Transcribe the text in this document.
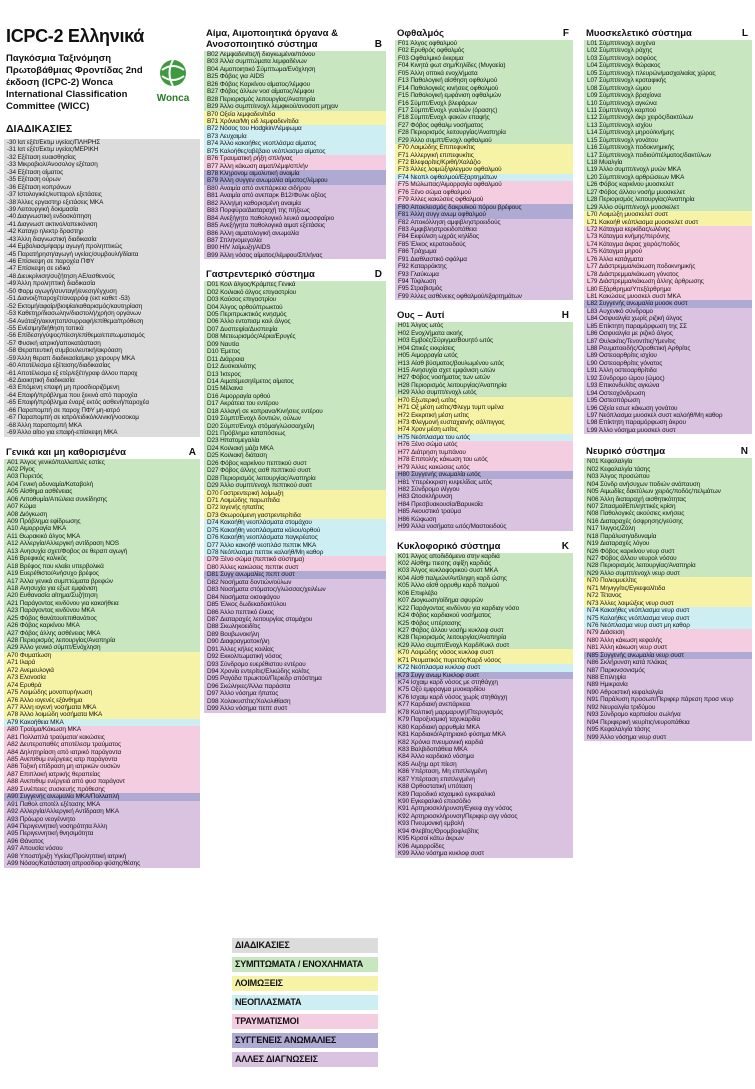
ICPC-2 Ελληνικά
Παγκόσμια Ταξινόμηση Πρωτοβάθμιας Φροντίδας 2nd έκδοση (ICPC-2) Wonca International Classification Committee (WICC)
Wonca
ΔΙΑΔΙΚΑΣΙΕΣ
-30 Ιατ εξέτ/Εκτιμ υγείας/ΠΛΗΡΗΣ
-31 Ιατ εξέτ/Εκτιμ υγείας/ΜΕΡΙΚΗ
-32 Εξέταση ευαισθησίας
-33 Μικροβιολ/Ανοσολογ εξέταση
-34 Εξέταση αίματος
-35 Εξέταση ούρων
-36 Εξέταση κοπράνων
-37 Ιστολογικές/κυτταρολ εξετάσεις
-38 Άλλες εργαστηρ εξετάσεις ΜΚΑ
-39 Λειτουργική δοκιμασία
-40 Διαγνωστική ενδοσκόπηση
-41 Διαγνωστ ακτινολ/απεικόνιση
-42 Καταγρ ηλεκτρ δραστηρ
-43 Άλλη διαγνωστική διαδικασία
-44 Εμβολιασμ/φαρμ αγωγή προληπτικώς
-45 Παρατήρηση/αγωγή υγείας/συμβουλή/δίαιτα
-46 Επίσκεψη σε παροχέα ΠΦΥ
-47 Επίσκεψη σε ειδικό
-48 Διευκρίνιση/συζήτηση ΑΕ/ασθενούς
-49 Άλλη προληπτική διαδικασία
-50 Φαρμ αγωγή/συνταγή/ενεση/έγχυση
-51 Διανοιξ/παροχέτ/αναρρόφ (εκτ καθετ -53)
-52 Εκτομή/αφαίρ/βιοψία/καθαρισμός/καυτηρίαση
-53 Καθετηρ/διασωλην/διαστολή/χρήση οργάνων
-54 Ανάταξη/ακινητοπ/συρραφή/επίθεμα/πρόθεση
-55 Ενέσιμη/διήθηση τοπικά
-56 Επίδεση/γύψος/πίεση/επίθεμα/επιπωματισμός
-57 Φυσική ιατρική/αποκατάσταση
-58 Θεραπευτική συμβουλευτική/ακρόαση
-59 Άλλη θεραπ διαδικασία/μικρ χειρουργ ΜΚΑ
-60 Αποτέλεσμα εξέτασης/διαδικασίας
-61 Αποτέλεσμα εξ ετέρ/εξέτ/γραφ άλλου παροχ
-62 Διοικητική διαδικασία
-63 Επόμενη επαφή μη προσδιοριζόμενη
-64 Επαφή/πρόβλημα που ξεκινά από παροχέα
-65 Επαφή/πρόβλημα έναρξ εκτός ασθενή/παροχέα
-66 Παραπομπή σε παροχ ΠΦΥ μη-ιατρό
-67 Παραπομπή σε ιατρό/ειδικό/κλινική/νοσοκομ
-68 Άλλη παραπομπή ΜΚΑ
-69 Άλλο αίτιο για επαφή-επίσκεψη ΜΚΑ
Γενικά και μη καθορισμένα	A
A01 Άλγος γενικό/πολλαπλές εστίες
A02 Ρίγος
A03 Πυρετός
A04 Γενική αδυναμία/Καταβολή
A05 Αίσθημα ασθένειας
A06 Λιποθυμία/Απώλεια συνείδησης
A07 Κώμα
A08 Διόγκωση
A09 Πρόβλημα εφίδρωσης
A10 Αιμορραγία ΜΚΑ
A11 Θωρακικό άλγος ΜΚΑ
A12 Αλλεργία/Αλλεργική αντίδραση NOS
A13 Ανησυχία σχετ/Φοβος σε θεραπ αγωγή
A16 Βρεφικός κολικός
A18 Βρέφος που κλαίει υπερβολικά
A19 Ευερέθιστο/Ανήσυχο βρέφος
A17 Άλλα γενικά συμπτώματα βρεφών
A18 Ανησυχία για εξωτ εμφάνιση
A20 Ευθανασία αίτημα/Συζήτηση
A21 Παράγοντας κινδύνου για κακοήθεια
A23 Παράγοντας κινδύνου ΜΚΑ
A25 Φόβος θανάτου/επιθανάτιος
A26 Φόβος καρκίνου ΜΚΑ
A27 Φόβος άλλης ασθένειας ΜΚΑ
A28 Περιορισμός λειτουργίας/Αναπηρία
A29 Άλλο γενικό σύμπτ/Ενόχληση
A70 Φυματίωση
A71 Ιλαρά
A72 Ανεμευλογιά
A73 Ελονοσία
A74 Ερυθρά
A75 Λοιμώδης μονοπυρήνωση
A76 Άλλο ιογενές εξάνθημα
A77 Άλλη ιογενή νοσήματα ΜΚΑ
A78 Άλλο λοιμώδη νοσήματα ΜΚΑ
A79 Κακοήθεια ΜΚΑ
A80 Τραύμα/Κάκωση ΜΚΑ
A81 Πολλαπλά τραύματα/ κακώσεις
A82 Δευτεροπαθές αποτέλεσμ τραύματος
A84 Δηλητηρίαση από ιατρικό παράγοντα
A85 Ανεπιθυμ ενέργειες ιατρ παράγοντα
A86 Τοξική επίδραση μη ιατρικών ουσιών
A87 Επιπλοκή ιατρικής θεραπείας
A88 Ανεπιθυμ ενέργειά από φυσ παράγοντ
A89 Συνέπειες συσκευής πρόθεσης
A90 Συγγενής ανωμαλία ΜΚΑ/Πολλαπλή
A91 Παθολ αποτέλ εξέτασης ΜΚΑ
A92 Αλλεργία/Αλλεργική Αντίδραση ΜΚΑ
A93 Πρόωρο νεογέννητο
A94 Περιγεννητική νοσηρότητα Άλλη
A95 Περιγεννητική θνησιμότητα
A96 Θάνατος
A97 Απουσία νόσου
A98 Υποστήριξη Υγείας/Προληπτική ιατρική
A99 Νόσος/Κατάσταση απροσδιορ φύσης/θέσης
Αίμα, Αιμοποιητικά όργανα & Ανοσοποιητικό σύστημα	B
B02 Λεμφαδενίτις/ή διογκωμένοι/πόνου
B03 Άλλα συμπτώματα λεμφαδένων
B04 Αιμοποιητικό Σύμπτωμα/Ενόχληση
B25 Φόβος για AIDS
B26 Φόβος Καρκίνου αίματος/λέμφου
B27 Φόβος άλλων νοσ αίματος/λέμφου
B28 Περιορισμός λειτουργίας/Αναπηρία
B29 Άλλο συμπτ/ενοχλ λεμφικού/ανοσοπ μηχαν
B70 Οξεία λεμφαδενίτιδα
B71 Χρόνια/Μη ειδ λεμφαδενίτιδα
B72 Νόσος του Hodgkin/Λέμφωμα
B73 Λευχαιμία
B74 Άλλο κακοήθες νεοπλάσμα αίματος
B75 Καλοήθες/αβέβαιο νεόπλασμα αίματος
B76 Τραυματική ρήξη σπλήνας
B77 Άλλη κάκωση αιματ/λέμφ/σπλήν
B78 Κληρονομ αιμολυτική αναιμία
B79 Άλλη συγγεν ανωμαλία αίματος/λέμφου
B80 Αναιμία από ανεπάρκεια σιδήρου
B81 Αναιμία από ανεπαρκ Β12/Φυλικ οξέος
B82 Άλλη/μη καθορισμένη αναιμία
B83 Πορφύρα/Διαταραχή της πήξεως
B84 Ανεξήγητο παθολογικό λευκό αιμοσφαίριο
B85 Ανεξήγητα παθολογικά αιματ εξετάσεις
B86 Άλλη αιματολογική ανωμαλία
B87 Σπληνομεγαλία
B90 HIV λοίμωξη/AIDS
B99 Άλλη νόσος αίματος/λέμφου/Σπλήνας
Γαστρεντερικό σύστημα	D
D01 Κοιλ άλγος/Κράμπες Γενικά
D02 Κοιλιακό άλγος επιγαστρίου
D03 Καύσος επιγαστρίου
D04 Άλγος ορθού/πρωκτού
D05 Περιπρωκτικός κνησμός
D06 Άλλο εντοπισμ κοιλ άλγος
D07 Δυσπεψία/Δυσπεψία
D08 Μετεωρισμός/Αέρια/Ερυγές
D09 Ναυτία
D10 Έμετος
D11 Διάρροια
D12 Δυσκοιλιότης
D13 Ίκτερος
D14 Αιματέμεση/έμετος αίματος
D15 Μέλαινα
D16 Αιμορραγία ορθού
D17 Ακράτεια του εντέρου
D18 Αλλαγή σε κοπρανα/Κινήσεις εντέρου
D19 Σύμπτ/Ενοχλ δοντιών, ούλων
D20 Σύμπτ/Ενοχλ στόμα/γλώσσα/χείλη
D21 Πρόβλημα καταπόσεως
D23 Ηπατομεγαλία
D24 Κοιλιακή μάζα ΜΚΑ
D25 Κοιλιακή διάταση
D26 Φόβος καρκίνου πεπτικού συστ
D27 Φόβος άλλης ασθ πεπτικού συστ
D28 Περιορισμός λειτουργίας/Αναπηρία
D29 Άλλο συμπτ/ενοχλ πεπτικού συστ
D70 Γαστρεντερική λοίμωξη
D71 Λοιμώδης παρωτίτιδα
D72 Ιογενής ηπατίτις
D73 Θεωρούμενη γαστρεντερίτιδα
D74 Κακοήθη νεοπλάσματα στομάχου
D75 Κακοήθη νεοπλάσματα κόλου/ορθού
D76 Κακοήθη νεοπλάσματα παγκρέατος
D77 Άλλο κακοήθ νεοπλάσ πεπτικ ΜΚΑ
D78 Νεόπλασμα πεπτικ καλοήθ/Μη καθορ
D79 Ξένο σώμα (πεπτικό σύστημα)
D80 Άλλες κακώσεις πεπτικ συστ
D81 Συγγ ανωμαλίες πεπτ συστ
D82 Νοσήματα δοντιών/ούλων
D83 Νοσήματα στόματος/γλώσσας/χειλέων
D84 Νοσήματα οισοφάγου
D85 Έλκος δωδεκαδακτύλου
D86 Άλλο πεπτικό έλκος
D87 Διαταραχές λειτουργίας στομάχου
D88 Σκωληκοειδίτις
D89 Βουβωνοκήλη
D90 Διαφραγματοκήλη
D91 Άλλες κήλες κοιλίας
D92 Εκκολπωματική νόσος
D93 Σύνδρομο ευερέθιστου εντέρου
D94 Χρονία εντερίτις/Ελκώδης κολίτις
D95 Ραγάδα πρωκτού/Περιεδρ απόστημα
D96 Σκώληκες/Άλλα παράσιτα
D97 Άλλο νόσημα ήπατος
D98 Χολοκυστίτις/Χολολιθίαση
D99 Άλλο νόσημα πεπτ συστ
Οφθαλμός	F
F01 Άλγος οφθαλμού
F02 Ερυθρός οφθαλμός
F03 Οφθαλμικό έκκριμα
F04 Κινητά φωτ σημ/Κηλίδες (Μυγαεία)
F05 Άλλη οπτικά ενοχλήματα
F13 Παθολογική αίσθηση οφθαλμού
F14 Παθολογικές κινήσεις οφθαλμού
F15 Παθολογική εμφάνιση οφθαλμών
F16 Σύμπτ/Ενοχλ βλεφάρων
F17 Σύμπτ/Ενοχλ γυαλιών (όρασης)
F18 Σύμπτ/Ενοχλ φακών επαφής
F27 Φόβος οφθαλμ νοσήματος
F28 Περιορισμός λειτουργίας/Αναπηρία
F29 Άλλο συμπτ/Ενοχλ οφθαλμού
F70 Λοιμώδης Επιπεφυκίτις
F71 Αλλεργική επιπεφυκίτις
F72 Βλεφαρίτις/Κριθή/Χαλάζιο
F73 Άλλες λοιμώξ/φλεγμον οφθαλμού
F74 Νεοπλ οφθαλμού/Εξαρτημάτων
F75 Μώλωπας/Αιμορραγία οφθαλμού
F76 Ξένο σώμα οφθαλμού
F79 Άλλες κακώσεις οφθαλμού
F80 Αποκλεισμός δακρυϊκού πόρου βρέφους
F81 Άλλη συγγ ανωμ οφθαλμού
F82 Αποκόλληση αμφιβληστροειδούς
F83 Αμφιβληστροειδοπάθεια
F84 Εκφύλιση ωχράς κηλίδος
F85 Έλκος κερατοειδούς
F86 Τράχωμα
F91 Διαθλαστικό σφάλμα
F92 Καταρράκτης
F93 Γλαύκωμα
F94 Τύφλωση
F95 Στραβισμός
F99 Άλλες ασθένειες οφθαλμού/εξαρτημάτων
Ους – Αυτί	H
H01 Άλγος ωτός
H02 Ενοχλήματα ακοής
H03 Εμβοές/Σύριγμα/Βουητό ωτός
H04 Ωτικές εκκρίσεις
H05 Αιμορραγία ωτός
H13 Αίσθ βύσματος/βουλωμένου ωτός
H15 Ανησυχία σχετ εμφάνιση ωτών
H27 Φόβος νοσήματος των ωτών
H28 Περιορισμός λειτουργίας/Αναπηρία
H29 Άλλο συμπτ/ενοχλ ωτός
H70 Εξωτερική ωτίτις
H71 Οξ μέση ωτίτις/Φλεγμ τυμπ υμένα
H72 Εκκριτική μέση ωτίτις
H73 Φλεγμονή ευσταχιανής σάλπιγγας
H74 Χρον μέση ωτίτις
H75 Νεόπλασμα του ωτός
H76 Ξένο σώμα ωτός
H77 Διάτρηση τυμπάνου
H78 Επιπολής κάκωση του ωτός
H79 Άλλες κακώσεις ωτός
H80 Συγγενής ανωμαλία ωτός
H81 Υπερέκκριση κυψελίδας ωτός
H82 Σύνδρομο ιλίγγου
H83 Ωτοσκλήρυνση
H84 Πρεσβυακουσία/Βαρυκοΐα
H85 Ακουστικό τραύμα
H86 Κώφωση
H99 Άλλα νοσήματα ωτός/Μαστοειδούς
Κυκλοφορικό σύστημα	K
K01 Άλγος αποδιδόμενο στην καρδιά
K02 Αίσθημ πιεσης σφίξη καρδιάς
K03 Άλγος κυκλοφορικού συστ ΜΚΑ
K04 Αίσθ παλμών/Αντίληψη καρδ ώσης
K05 Άλλο αίσθ ορρυθμ καρδ παλμού
K06 Επιφλέβο
K07 Διογκωση/οίδημα σφυρών
K22 Παράγοντας κινδύνου για καρδιαγ νόσο
K24 Φόβος καρδιακού νοσήματος
K25 Φόβος υπέρτασης
K27 Φόβος άλλου νοσήμ κυκλοφ συστ
K28 Περιορισμός λειτουργίας/Αναπηρία
K29 Άλλο συμπτ/Ενοχλ Καρδ/Κυκλ συστ
K70 Λοιμώδης νόσος κυκλοφ συστ
K71 Ρευματικός πυρετός/Καρδ νόσος
K72 Νεόπλασμα κυκλοφ συστ
K73 Συγγ ανωμ Κυκλοφ συστ
K74 Ισχαιμ καρδ νόσος με στηθάγχη
K75 Οξύ εμφραγμα μυοκαρδίου
K76 Ισχαιμ καρδ νόσος χωρίς στηθάγχη
K77 Καρδιακή ανεπάρκεια
K78 Κολπική μαρμαρυγή/Πτερυγισμός
K79 Παροξυσμική ταχυκαρδία
K80 Καρδιακή αρρυθμία ΜΚΑ
K81 Καρδιακό/Αρτηριακό φύσημα ΜΚΑ
K82 Χρόνια πνευμονική καρδιά
K83 Βαλβιδοπάθεια ΜΚΑ
K84 Άλλο καρδιακό νόσημα
K85 Αυξημ αρτ πίεση
K86 Υπέρταση, Μη επιπλεγμένη
K87 Υπέρταση επιπλεγμένη
K88 Ορθοστατική υπόταση
K89 Παροδικό ισχαιμικό εγκεφαλικό
K90 Εγκεφαλικό επεισόδιο
K91 Αρτηριοσκλήρυνση/Εγκεφ αγγ νόσος
K92 Αρτηριοσκλήρυνση/Περιφερ αγγ νόσος
K93 Πνευμονική εμβολή
K94 Φλεβίτις/Θρομβοφλεβίτις
K95 Κιρσοί κάτω άκρων
K96 Αιμορροΐδες
K99 Άλλο νόσημα κυκλοφ συστ
Μυοσκελετικό σύστημα	L
L01 Σύμπτ/ενοχλ αυχένα
L02 Σύμπτ/ενοχλ ράχης
L03 Σύμπτ/ενοχλ οσφύος
L04 Σύμπτ/ενοχλ θώρακος
L05 Σύμπτ/ενοχλ πλευρών/μασχαλιαίας χώρας
L07 Σύμπτ/ενοχλ κροταφικής
L08 Σύμπτ/ενοχλ ώμου
L09 Σύμπτ/ενοχλ βραχίονα
L10 Σύμπτ/ενοχλ αγκώνα
L11 Σύμπτ/ενοχλ καρπού
L12 Σύμπτ/ενοχλ άκρ χειρός/δακτύλων
L13 Σύμπτ/ενοχλ ισχίου
L14 Σύμπτ/ενοχλ μηρού/κνήμης
L15 Σύμπτ/ενοχλ γονάτου
L16 Σύμπτ/ενοχλ ποδοκνημικής
L17 Σύμπτ/ενοχλ ποδιού/πέλματος/δακτύλων
L18 Μυαλγία
L19 Άλλο συμπτ/ενοχλ μυών ΜΚΑ
L20 Σύμπτ/ενοχλ αρθρώσεων ΜΚΑ
L26 Φόβος καρκίνου μυοσκελετ
L27 Φόβος άλλου νοσήμ μυοσκελετ
L28 Περιορισμός λειτουργίας/Αναπηρία
L29 Άλλο σύμπτ/ενοχλ μυοσκελετ
L70 Λοιμώξη μυοσκελετ συστ
L71 Κακοήθ νεόπλασμα μυοσκελετ συστ
L72 Κάταγμα κερκίδας/ωλένης
L73 Κάταγμα κνήμης/περόνης
L74 Κάταγμα άκρας χειρός/ποδός
L75 Κάταγμα μηρού
L76 Άλλα κατάγματα
L77 Διάστρεμμα/κάκωση ποδοκνημικής
L78 Διάστρεμμα/κάκωση γόνατος
L79 Διάστρεμμα/κάκωση άλλης άρθρωσης
L80 Εξάρθρημα/Υπεξάρθρημα
L81 Κακώσεις μυοσκελ συστ ΜΚΑ
L82 Συγγενής ανωμαλία μυοσκ συστ
L83 Αυχενικό σύνδρομο
L84 Οσφυαλγία χωρίς ριζική άλγος
L85 Επίκτητη παραμόρφωση της ΣΣ
L86 Οσφυαλγία με ριζικό άλγος
L87 Θυλακίτις/Τενοντίτις/Υμενίτις
L88 Ρευματοειδής/Οροθετική Αρθρίτις
L89 Οστεοαρθρίτις ισχίου
L90 Οστεοαρθρίτις γόνατος
L91 Άλλη οστεοαρθρίτιδα
L92 Σύνδρομο ώμου (ώμος)
L93 Επικονδυλίτις αγκώνα
L94 Οστεοχόνδρωση
L95 Οστεοπόρωση
L96 Οξεία εσωτ κάκωση γονάτου
L97 Νεόπλασμα μυοσκελ συστ καλοήθ/Μη καθορ
L98 Επίκτητη παραμόρφωση άκρου
L99 Άλλο νόσημα μυοσκελ συστ
Νευρικό σύστημα	N
N01 Κεφαλαλγία
N02 Κεφαλαλγία τάσης
N03 Άλγος προσώπου
N04 Σύνδρ ανήσυχων ποδιών ανάπαυση
N05 Αιμωδίες δακτύλων χειρός/ποδός/πελμάτων
N06 Άλλη διαταραχή αισθητικότητας
N07 Σπασμοί/Επιληπτικές κρίση
N08 Παθολογικές ακούσιες κινήσεις
N16 Διαταραχές όσφρησης/γεύσης
N17 Ίλιγγος/Ζάλη
N18 Παράλυση/αδυναμία
N19 Διαταραχές λόγου
N26 Φόβος καρκίνου νευρ συστ
N27 Φόβος άλλου νευρολ νόσου
N28 Περιορισμός λειτουργίας/Αναπηρία
N29 Άλλο συμπτ/ενοχλ νευρ συστ
N70 Πολιομυελίτις
N71 Μηνιγγίτις/Εγκεφαλίτιδα
N72 Τέτανος
N73 Άλλες λοιμώξεις νευρ συστ
N74 Κακοήθες νεόπλασμα νευρ συστ
N75 Καλοήθες νεόπλασμα νευρ συστ
N76 Νεόπλασμα νευρ συστ μη καθορ
N79 Διάσειση
N80 Άλλη κάκωση κεφαλής
N81 Άλλη κάκωση νευρ συστ
N85 Συγγενής ανωμαλία νευρ συστ
N86 Σκλήρυνση κατά πλάκας
N87 Παρκινσονισμός
N88 Επιληψία
N89 Ημικρανία
N90 Αθροιστική κεφαλαλγία
N91 Παράλυση προσωπ/Περιφερ πάρεση προσ νευρ
N92 Νευραλγία τριδύμου
N93 Σύνδρομο καρπιαίου σωλήνα
N94 Περιφερική νευρίτις/νευροπάθεια
N95 Κεφαλαλγία τάσης
N99 Άλλο νόσημα νευρ συστ
ΔΙΑΔΙΚΑΣΙΕΣ
ΣΥΜΠΤΩΜΑΤΑ / ΕΝΟΧΛΗΜΑΤΑ
ΛΟΙΜΩΞΕΙΣ
ΝΕΟΠΛΑΣΜΑΤΑ
ΤΡΑΥΜΑΤΙΣΜΟΙ
ΣΥΓΓΕΝΕΙΣ ΑΝΩΜΑΛΙΕΣ
ΑΛΛΕΣ ΔΙΑΓΝΩΣΕΙΣ
